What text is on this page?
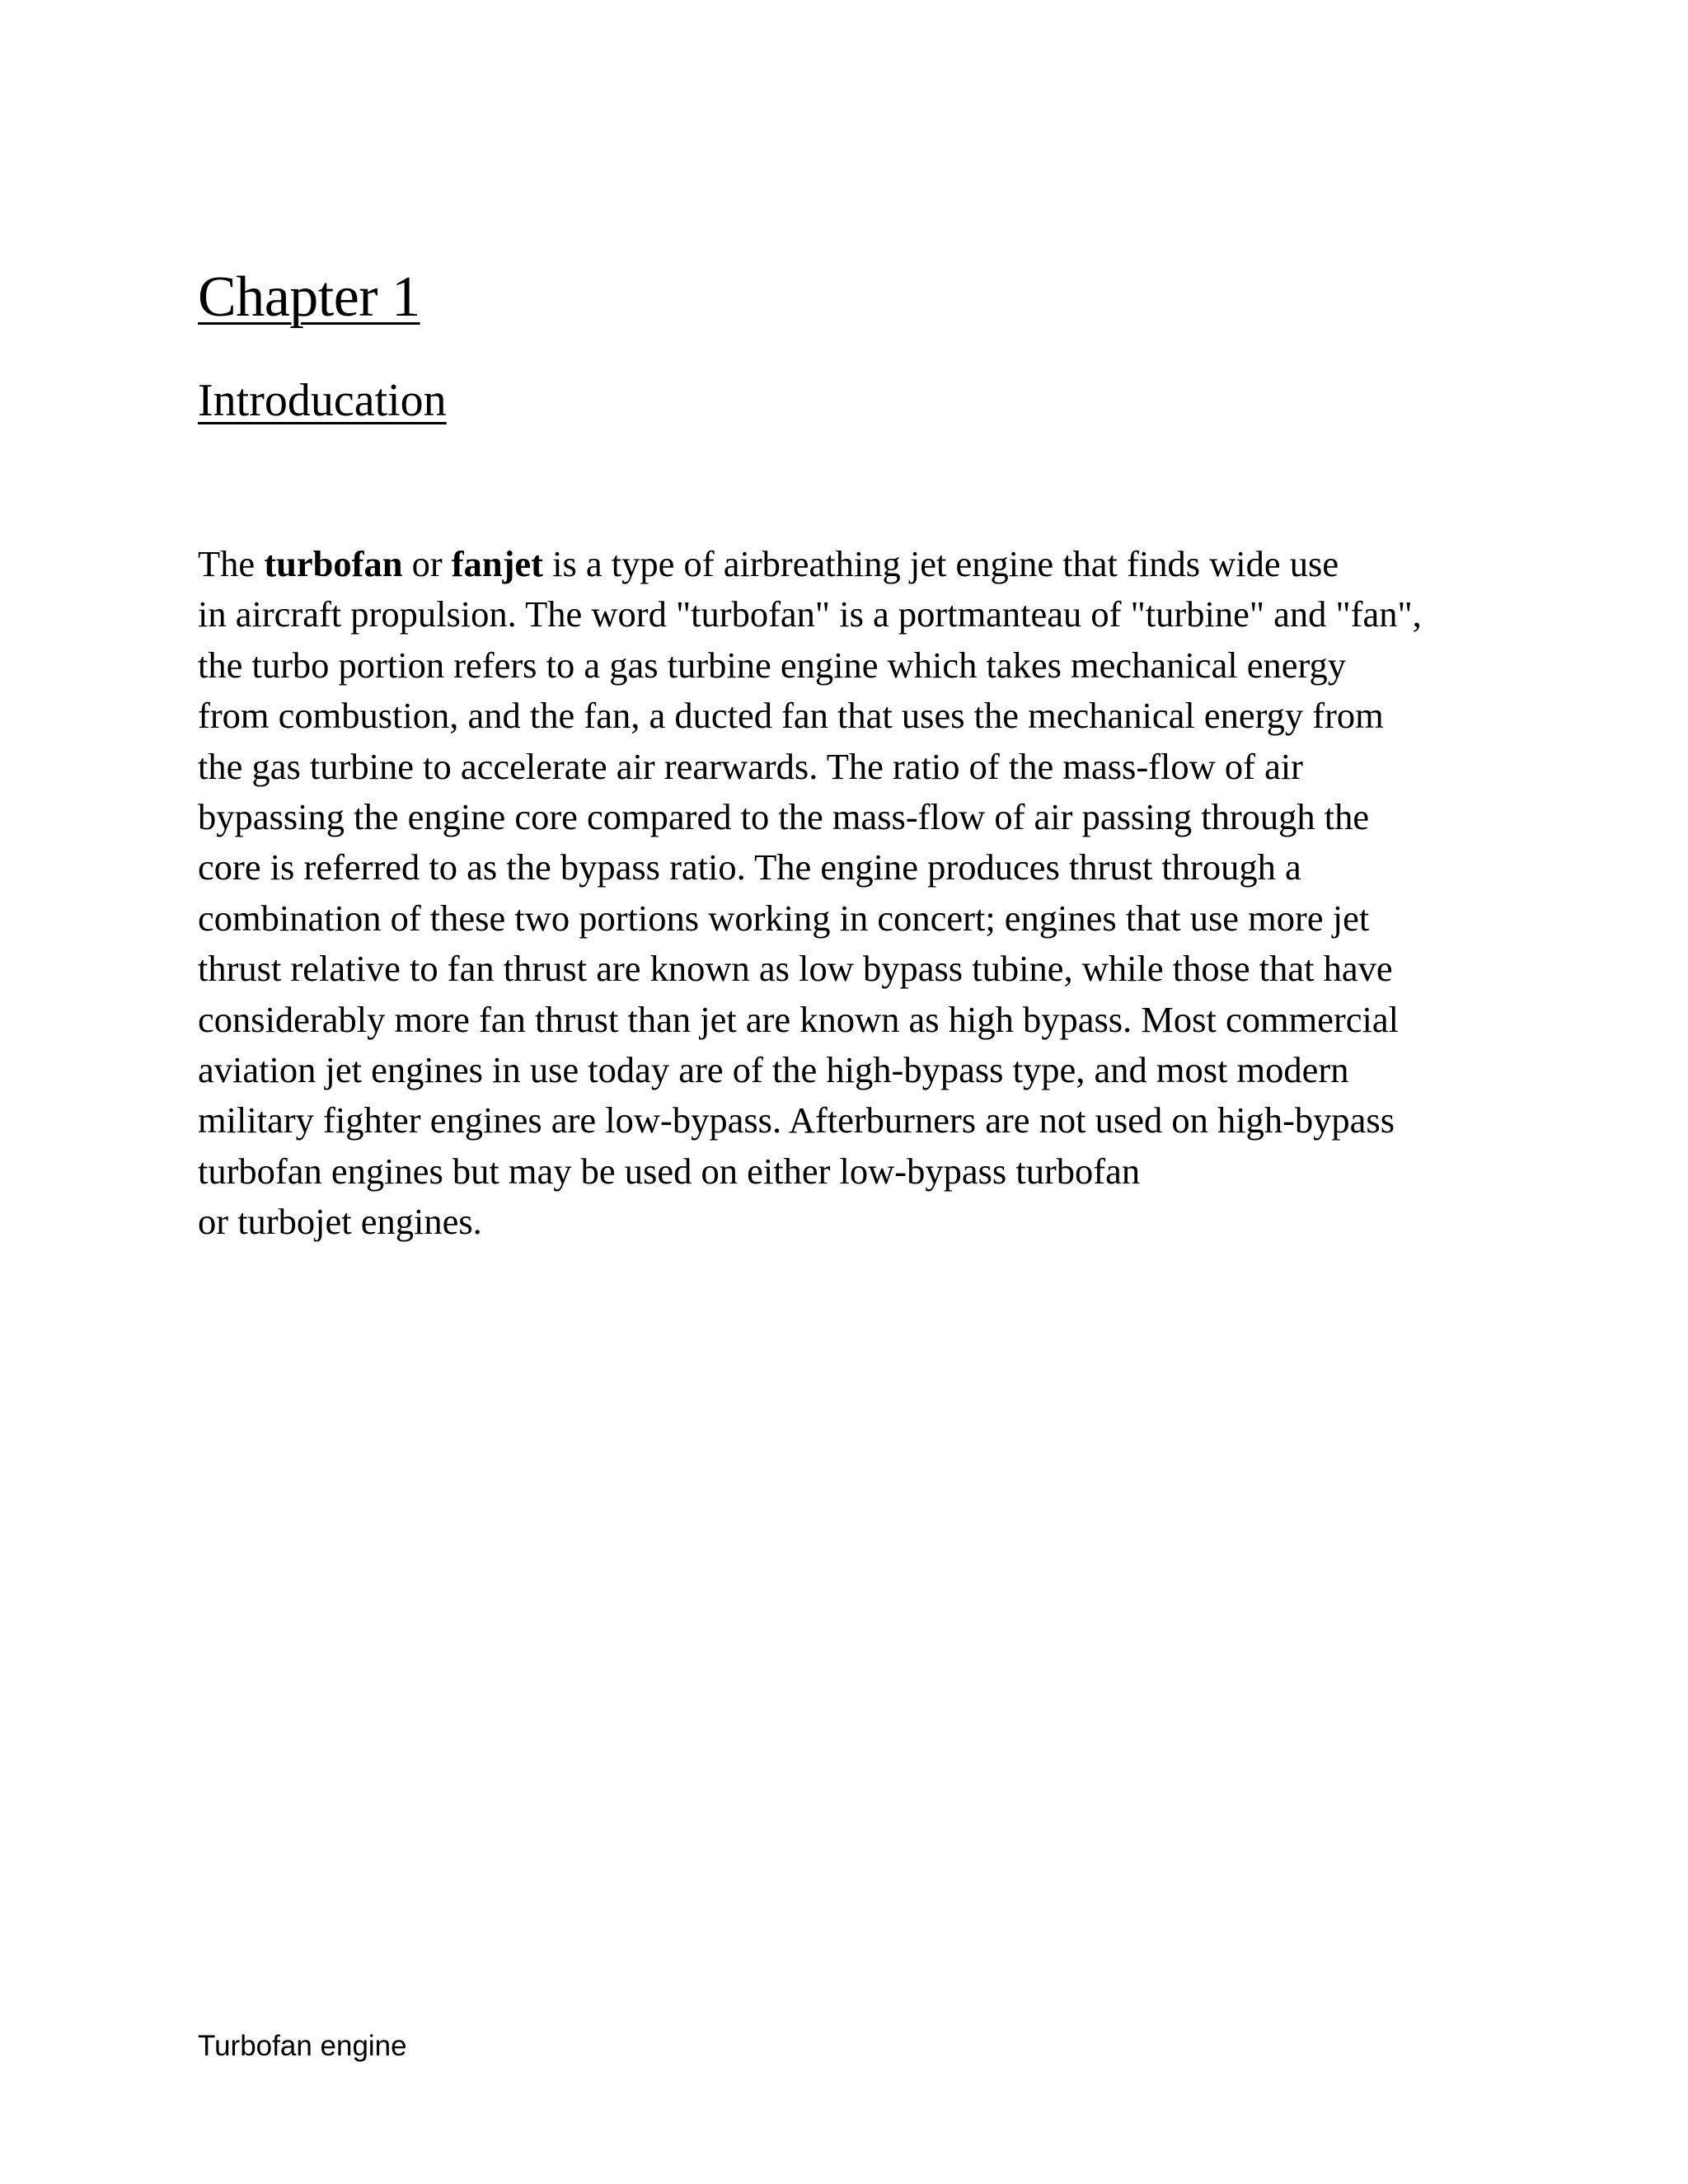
Chapter 1
Introducation

The turbofan or fanjet is a type of airbreathing jet engine that finds wide use
in aircraft propulsion. The word "turbofan" is a portmanteau of "turbine" and "fan",
the turbo portion refers to a gas turbine engine which takes mechanical energy
from combustion, and the fan, a ducted fan that uses the mechanical energy from
the gas turbine to accelerate air rearwards. The ratio of the mass-flow of air
bypassing the engine core compared to the mass-flow of air passing through the
core is referred to as the bypass ratio. The engine produces thrust through a
combination of these two portions working in concert; engines that use more jet
thrust relative to fan thrust are known as low bypass tubine, while those that have
considerably more fan thrust than jet are known as high bypass. Most commercial
aviation jet engines in use today are of the high-bypass type, and most modern
military fighter engines are low-bypass. Afterburners are not used on high-bypass
turbofan engines but may be used on either low-bypass turbofan
or turbojet engines.

Turbofan engine
